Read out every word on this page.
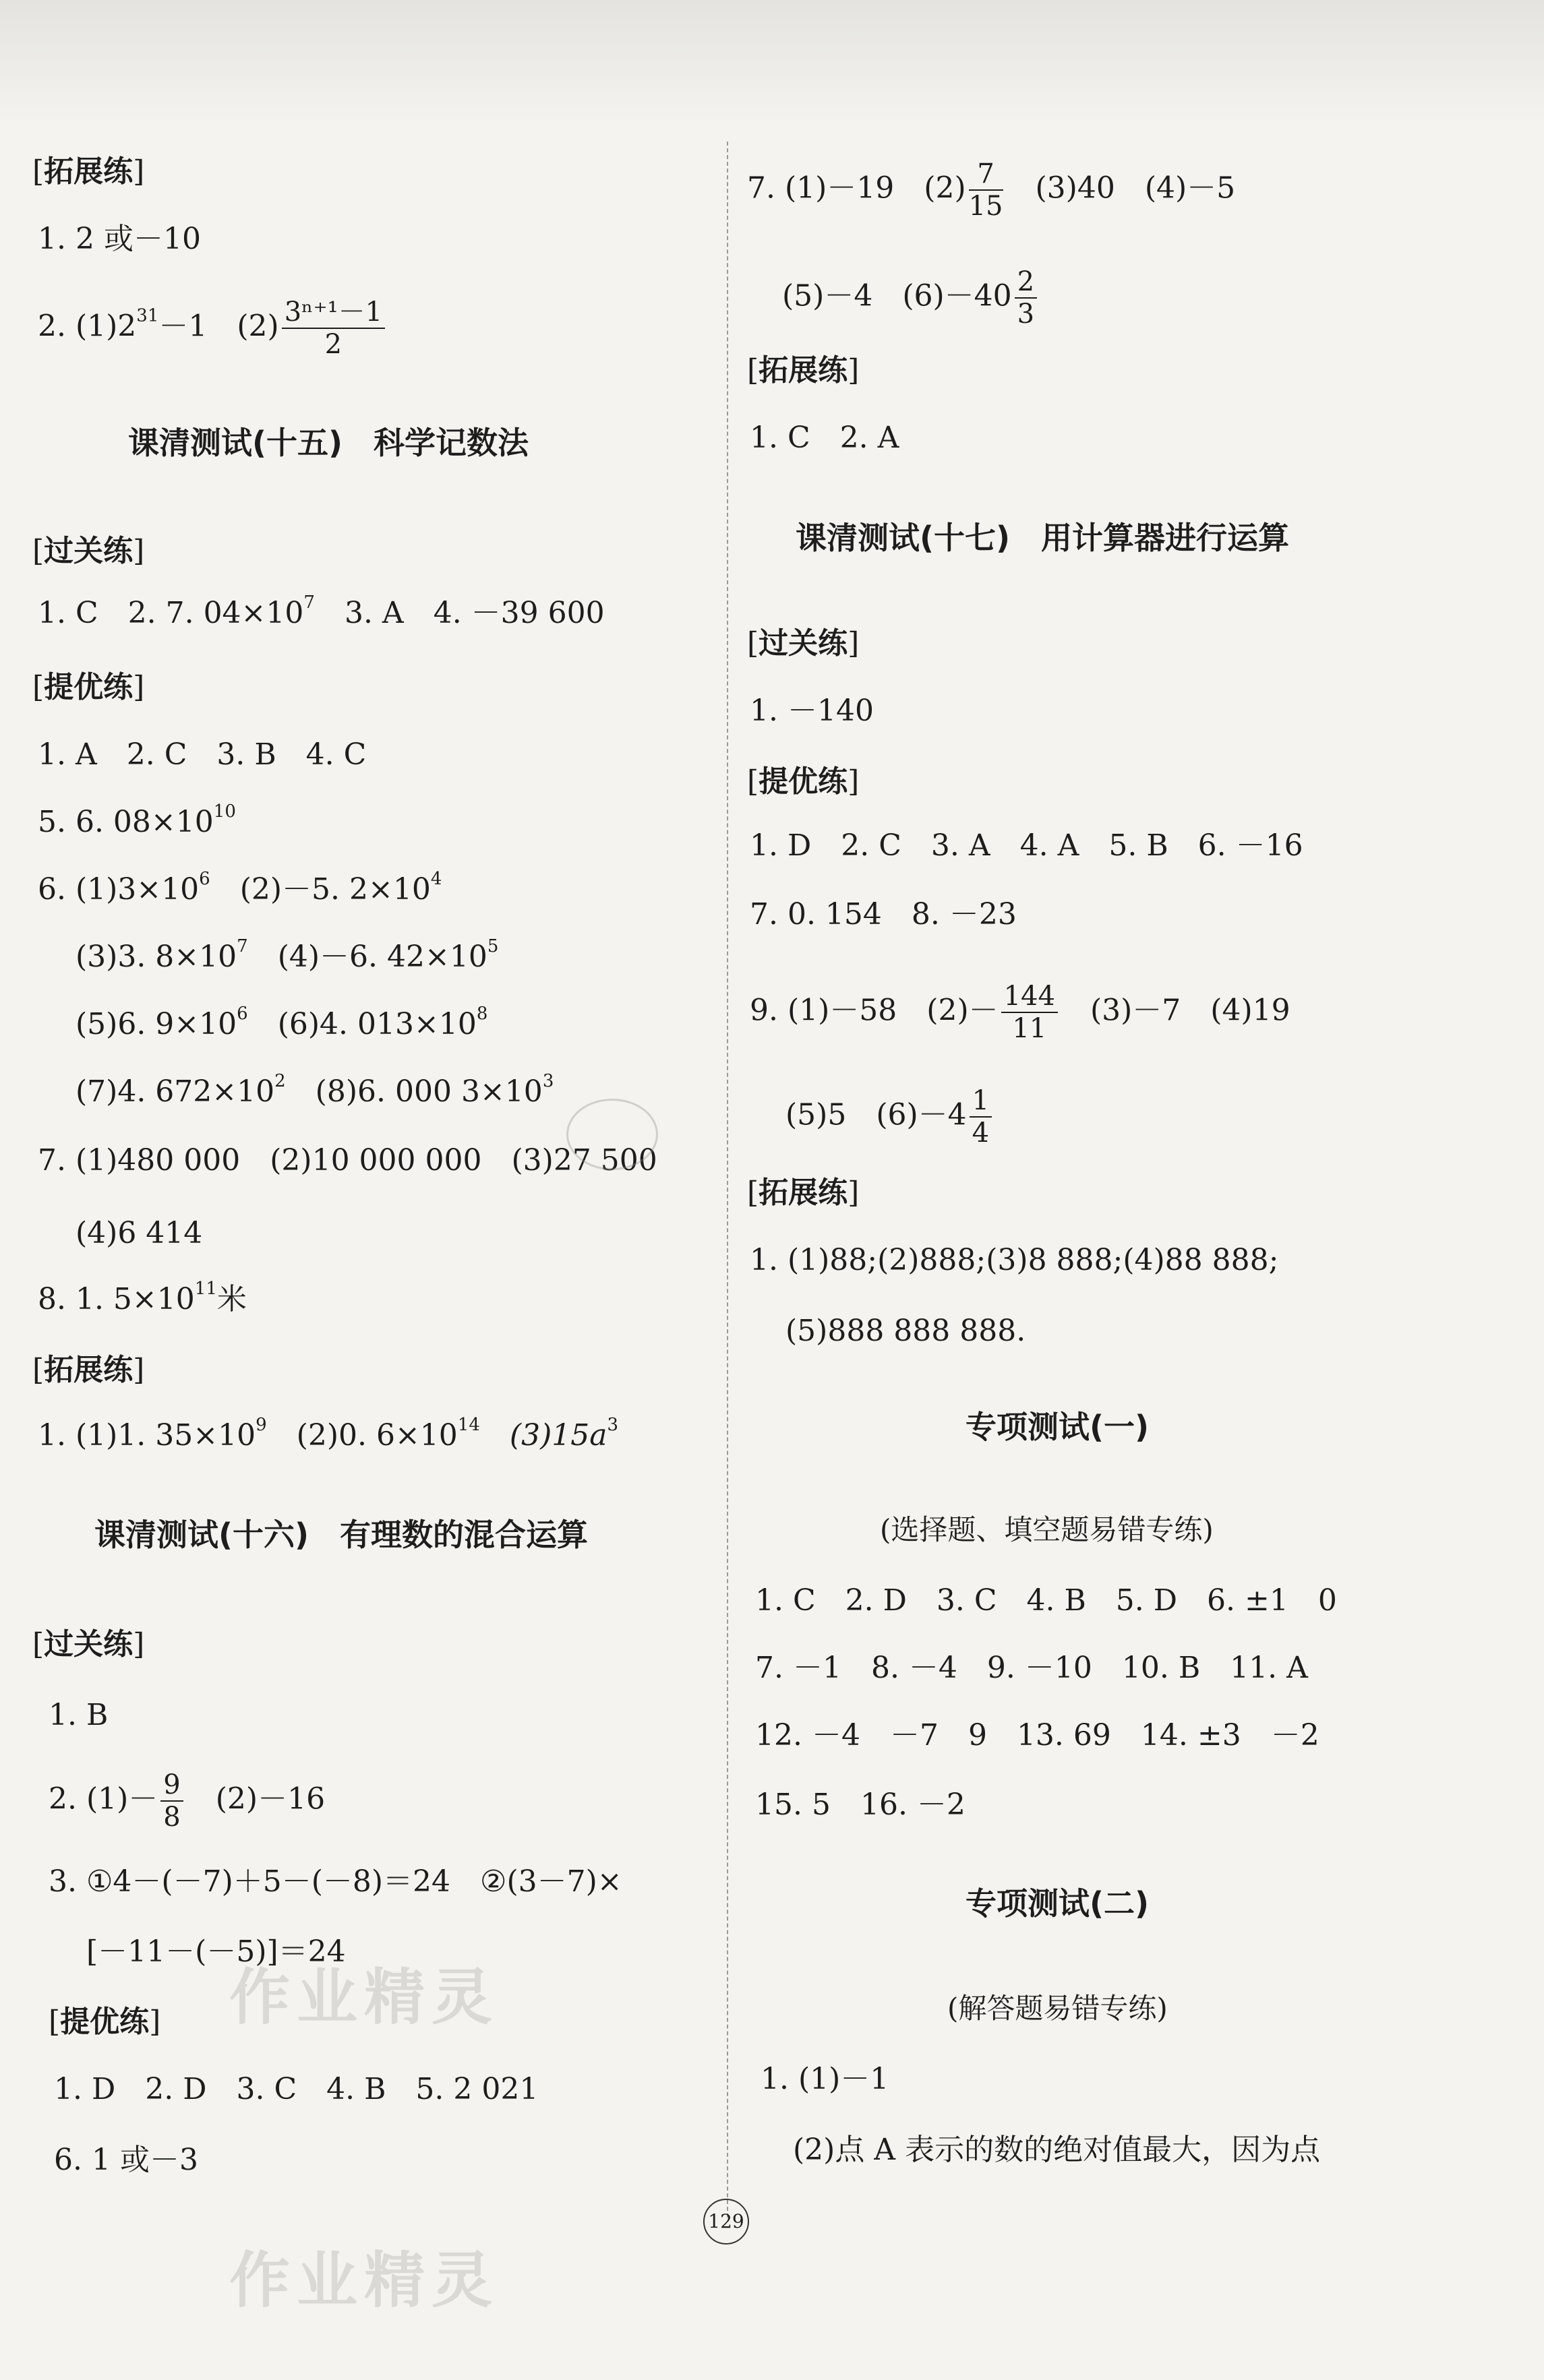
[ 拓展练 ]
1. 2 或－10
2. $(1)2^{31}-1$　$(2) \frac{\text{3ⁿ⁺¹－1}}{2}$
课清测试(十五)　科学记数法
[ 过关练 ]
1. C　2. 7. $04\times 10^7$　3. A　4. －39 600
[ 提优练 ]
1. A　2. C　3. B　4. C
5. 6. $08\times 10^{10}$
6. $(1)3\times 10^6$　(2)－5. $2\times 10^4$
(3)3. $8\times 10^7$　(4)－6. $42\times 10^5$
(5)6. $9\times 10^6$　(6)4. $013\times 10^8$
(7)4. $672\times 10^2$　(8)6. 000 $3\times 10^3$
7. (1)480 000　(2)10 000 000　(3)27 500
(4)6 414
8. 1. $5\times 10^{11}$米
[ 拓展练 ]
1. (1)1. $35\times 10^9$　(2)0. $6\times 10^{14}$　$(3)15a^3$
课清测试(十六)　有理数的混合运算
[ 过关练 ]
1. B
2. $(1)- \frac{9}{8}$ 　(2)－16
3. ①4－(－7)＋5－(－8)＝24　②(3－7)×
[－11－(－5)]＝24
[ 提优练 ]
1. D　2. D　3. C　4. B　5. 2 021
6. 1 或－3
7. (1)－19　$(2) \frac{7}{15}$ 　(3)40　(4)－5
(5)－4　$(6)-40 \frac{2}{3}$
[ 拓展练 ]
1. C　2. A
课清测试(十七)　用计算器进行运算
[ 过关练 ]
1. －140
[ 提优练 ]
1. D　2. C　3. A　4. A　5. B　6. －16
7. 0. 154　8. －23
9. (1)－58　$(2)- \frac{144}{11}$ 　(3)－7　(4)19
(5)5　$(6)-4 \frac{1}{4}$
[ 拓展练 ]
1. (1)88;(2)888;(3)8 888;(4)88 888;
(5)888 888 888.
专项测试(一)
(选择题、填空题易错专练)
1. C　2. D　3. C　4. B　5. D　6. ±1　0
7. －1　8. －4　9. －10　10. B　11. A
12. －4　－7　9　13. 69　14. ±3　－2
15. 5　16. －2
专项测试(二)
(解答题易错专练)
1. (1)－1
(2)点 A 表示的数的绝对值最大，因为点
129
作业精灵
作业精灵
